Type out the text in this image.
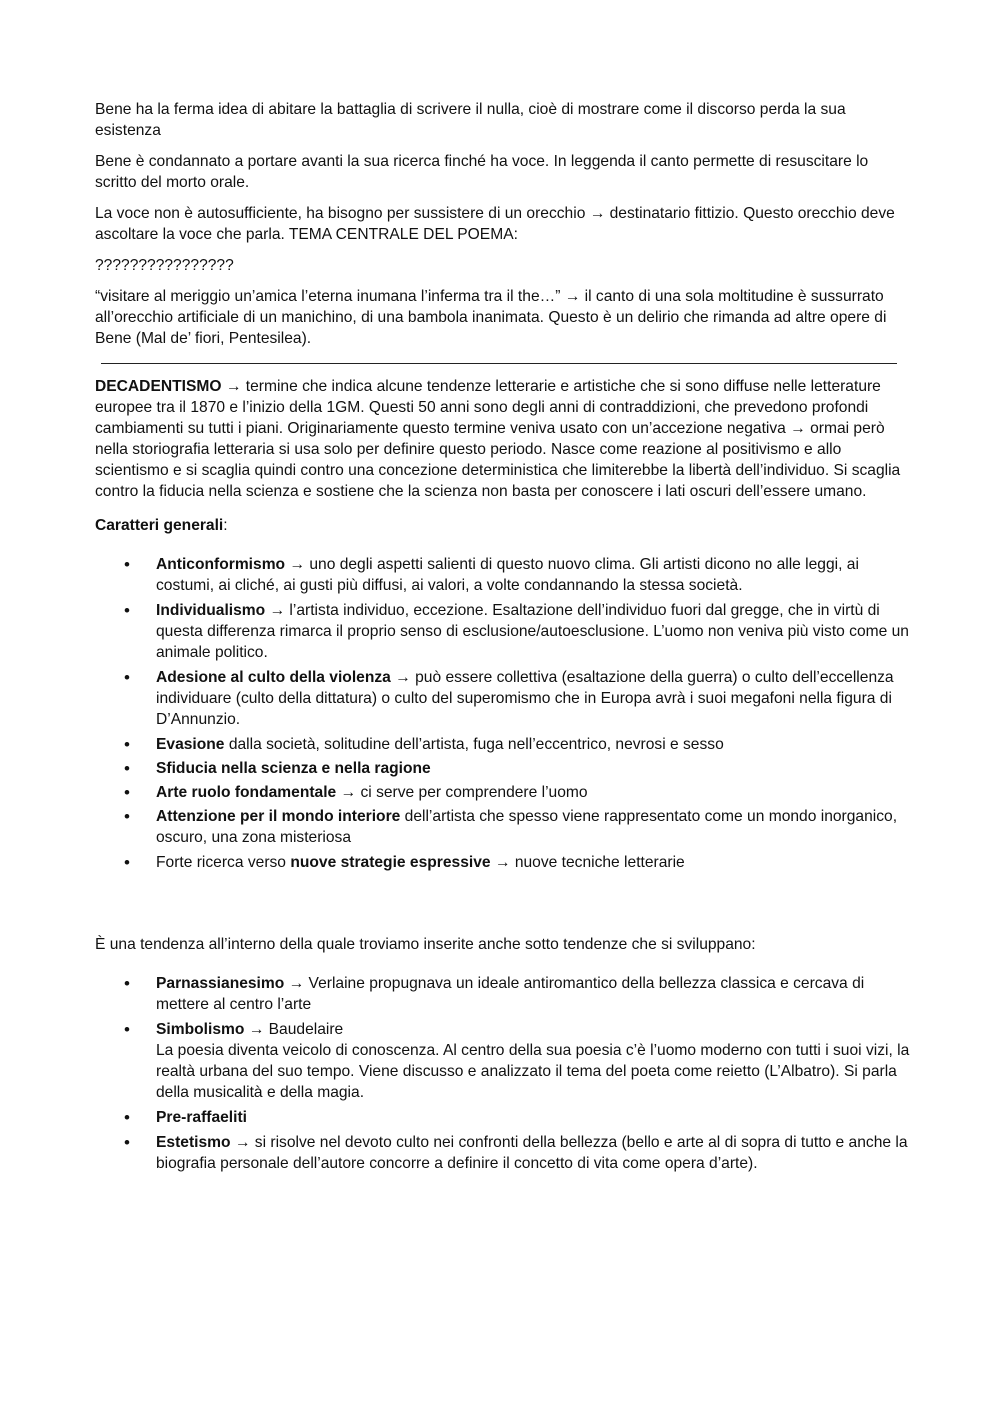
Bene ha la ferma idea di abitare la battaglia di scrivere il nulla, cioè di mostrare come il discorso perda la sua esistenza

Bene è condannato a portare avanti la sua ricerca finché ha voce. In leggenda il canto permette di resuscitare lo scritto del morto orale.

La voce non è autosufficiente, ha bisogno per sussistere di un orecchio → destinatario fittizio. Questo orecchio deve ascoltare la voce che parla. TEMA CENTRALE DEL POEMA:

????????????????

“visitare al meriggio un’amica l’eterna inumana l’inferma tra il the…” → il canto di una sola moltitudine è sussurrato all’orecchio artificiale di un manichino, di una bambola inanimata. Questo è un delirio che rimanda ad altre opere di Bene (Mal de’ fiori, Pentesilea).

DECADENTISMO → termine che indica alcune tendenze letterarie e artistiche che si sono diffuse nelle letterature europee tra il 1870 e l’inizio della 1GM. Questi 50 anni sono degli anni di contraddizioni, che prevedono profondi cambiamenti su tutti i piani. Originariamente questo termine veniva usato con un’accezione negativa → ormai però nella storiografia letteraria si usa solo per definire questo periodo. Nasce come reazione al positivismo e allo scientismo e si scaglia quindi contro una concezione deterministica che limiterebbe la libertà dell’individuo. Si scaglia contro la fiducia nella scienza e sostiene che la scienza non basta per conoscere i lati oscuri dell’essere umano.

Caratteri generali:

• Anticonformismo → uno degli aspetti salienti di questo nuovo clima. Gli artisti dicono no alle leggi, ai costumi, ai cliché, ai gusti più diffusi, ai valori, a volte condannando la stessa società.
• Individualismo → l’artista individuo, eccezione. Esaltazione dell’individuo fuori dal gregge, che in virtù di questa differenza rimarca il proprio senso di esclusione/autoesclusione. L’uomo non veniva più visto come un animale politico.
• Adesione al culto della violenza → può essere collettiva (esaltazione della guerra) o culto dell’eccellenza individuare (culto della dittatura) o culto del superomismo che in Europa avrà i suoi megafoni nella figura di D’Annunzio.
• Evasione dalla società, solitudine dell’artista, fuga nell’eccentrico, nevrosi e sesso
• Sfiducia nella scienza e nella ragione
• Arte ruolo fondamentale → ci serve per comprendere l’uomo
• Attenzione per il mondo interiore dell’artista che spesso viene rappresentato come un mondo inorganico, oscuro, una zona misteriosa
• Forte ricerca verso nuove strategie espressive → nuove tecniche letterarie

È una tendenza all’interno della quale troviamo inserite anche sotto tendenze che si sviluppano:

• Parnassianesimo → Verlaine propugnava un ideale antiromantico della bellezza classica e cercava di mettere al centro l’arte
• Simbolismo → Baudelaire
La poesia diventa veicolo di conoscenza. Al centro della sua poesia c’è l’uomo moderno con tutti i suoi vizi, la realtà urbana del suo tempo. Viene discusso e analizzato il tema del poeta come reietto (L’Albatro). Si parla della musicalità e della magia.
• Pre-raffaeliti
• Estetismo → si risolve nel devoto culto nei confronti della bellezza (bello e arte al di sopra di tutto e anche la biografia personale dell’autore concorre a definire il concetto di vita come opera d’arte).
